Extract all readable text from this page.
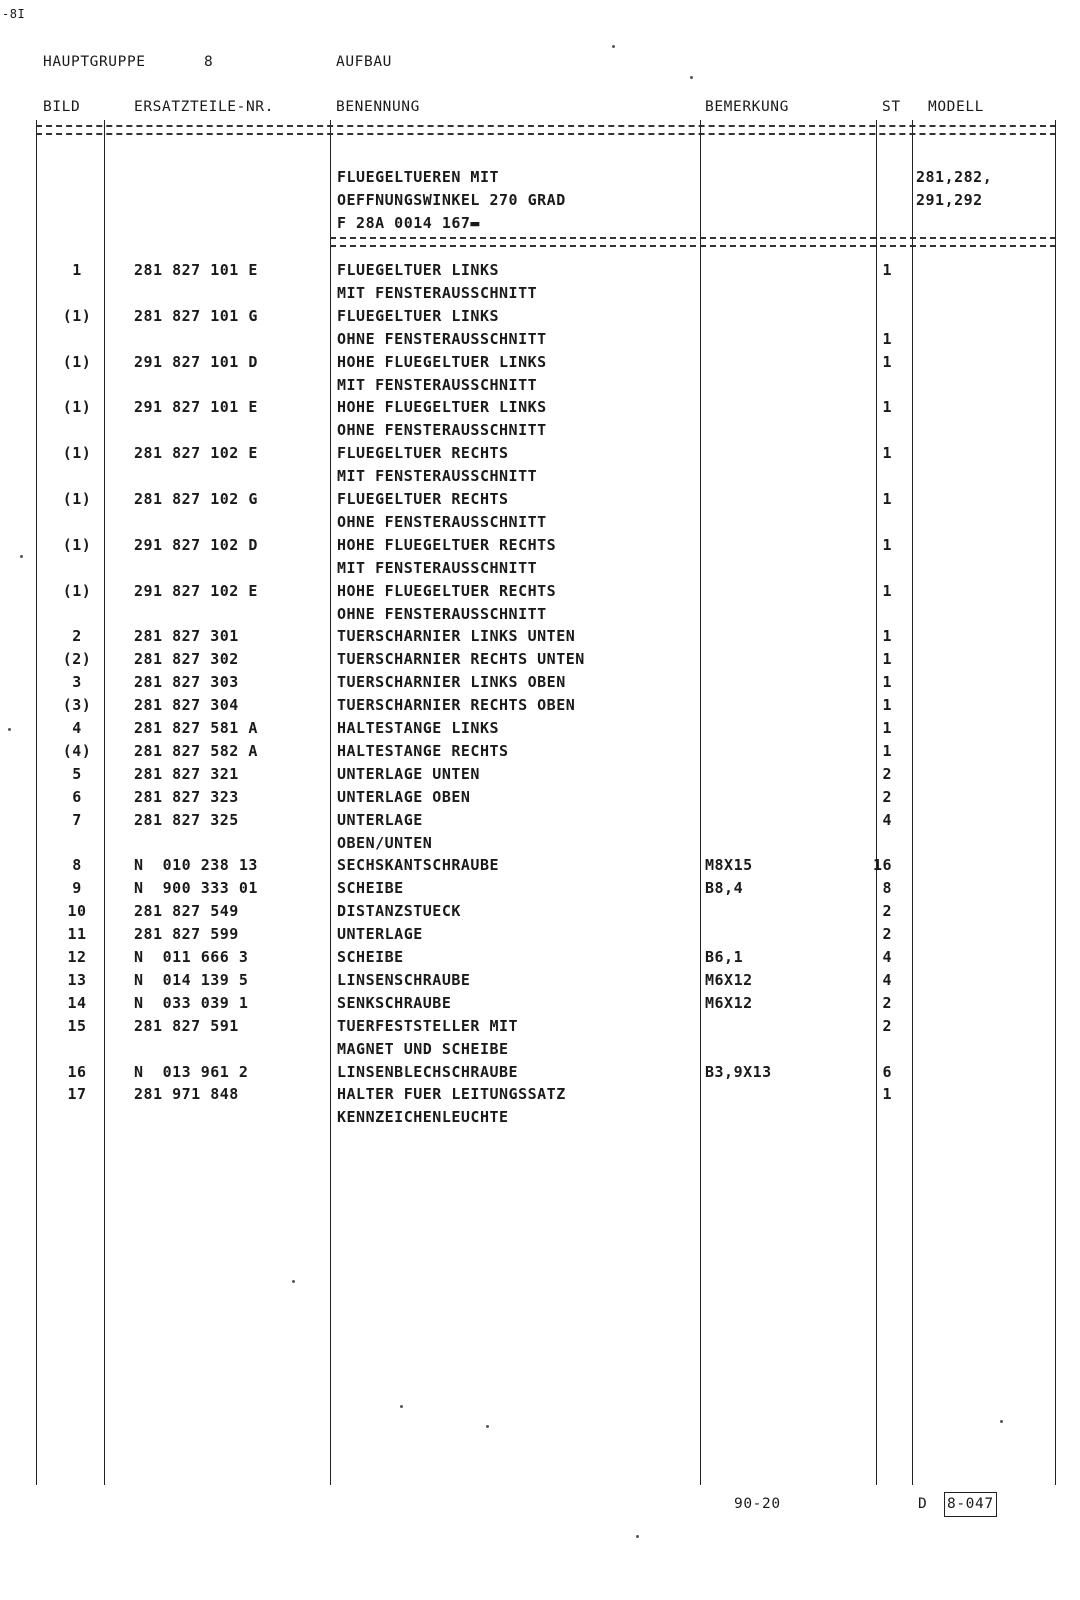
-8I
HAUPTGRUPPE	8	AUFBAU
BILD	ERSATZTEILE-NR.	BENENNUNG	BEMERKUNG	ST MODELL
FLUEGELTUEREN MIT
OEFFNUNGSWINKEL 270 GRAD
F 28A 0014 167▬
281,282,
291,292
1	281 827 101 E	FLUEGELTUER LINKS	1
MIT FENSTERAUSSCHNITT
(1)	281 827 101 G	FLUEGELTUER LINKS
OHNE FENSTERAUSSCHNITT	1
(1)	291 827 101 D	HOHE FLUEGELTUER LINKS	1
MIT FENSTERAUSSCHNITT
(1)	291 827 101 E	HOHE FLUEGELTUER LINKS	1
OHNE FENSTERAUSSCHNITT
(1)	281 827 102 E	FLUEGELTUER RECHTS	1
MIT FENSTERAUSSCHNITT
(1)	281 827 102 G	FLUEGELTUER RECHTS	1
OHNE FENSTERAUSSCHNITT
(1)	291 827 102 D	HOHE FLUEGELTUER RECHTS	1
MIT FENSTERAUSSCHNITT
(1)	291 827 102 E	HOHE FLUEGELTUER RECHTS	1
OHNE FENSTERAUSSCHNITT
2	281 827 301	TUERSCHARNIER LINKS UNTEN	1
(2)	281 827 302	TUERSCHARNIER RECHTS UNTEN	1
3	281 827 303	TUERSCHARNIER LINKS OBEN	1
(3)	281 827 304	TUERSCHARNIER RECHTS OBEN	1
4	281 827 581 A	HALTESTANGE LINKS	1
(4)	281 827 582 A	HALTESTANGE RECHTS	1
5	281 827 321	UNTERLAGE UNTEN	2
6	281 827 323	UNTERLAGE OBEN	2
7	281 827 325	UNTERLAGE	4
OBEN/UNTEN
8	N  010 238 13	SECHSKANTSCHRAUBE	M8X15	16
9	N  900 333 01	SCHEIBE	B8,4	8
10	281 827 549	DISTANZSTUECK	2
11	281 827 599	UNTERLAGE	2
12	N  011 666 3	SCHEIBE	B6,1	4
13	N  014 139 5	LINSENSCHRAUBE	M6X12	4
14	N  033 039 1	SENKSCHRAUBE	M6X12	2
15	281 827 591	TUERFESTSTELLER MIT	2
MAGNET UND SCHEIBE
16	N  013 961 2	LINSENBLECHSCHRAUBE	B3,9X13	6
17	281 971 848	HALTER FUER LEITUNGSSATZ	1
KENNZEICHENLEUCHTE
90-20	D 8-047
